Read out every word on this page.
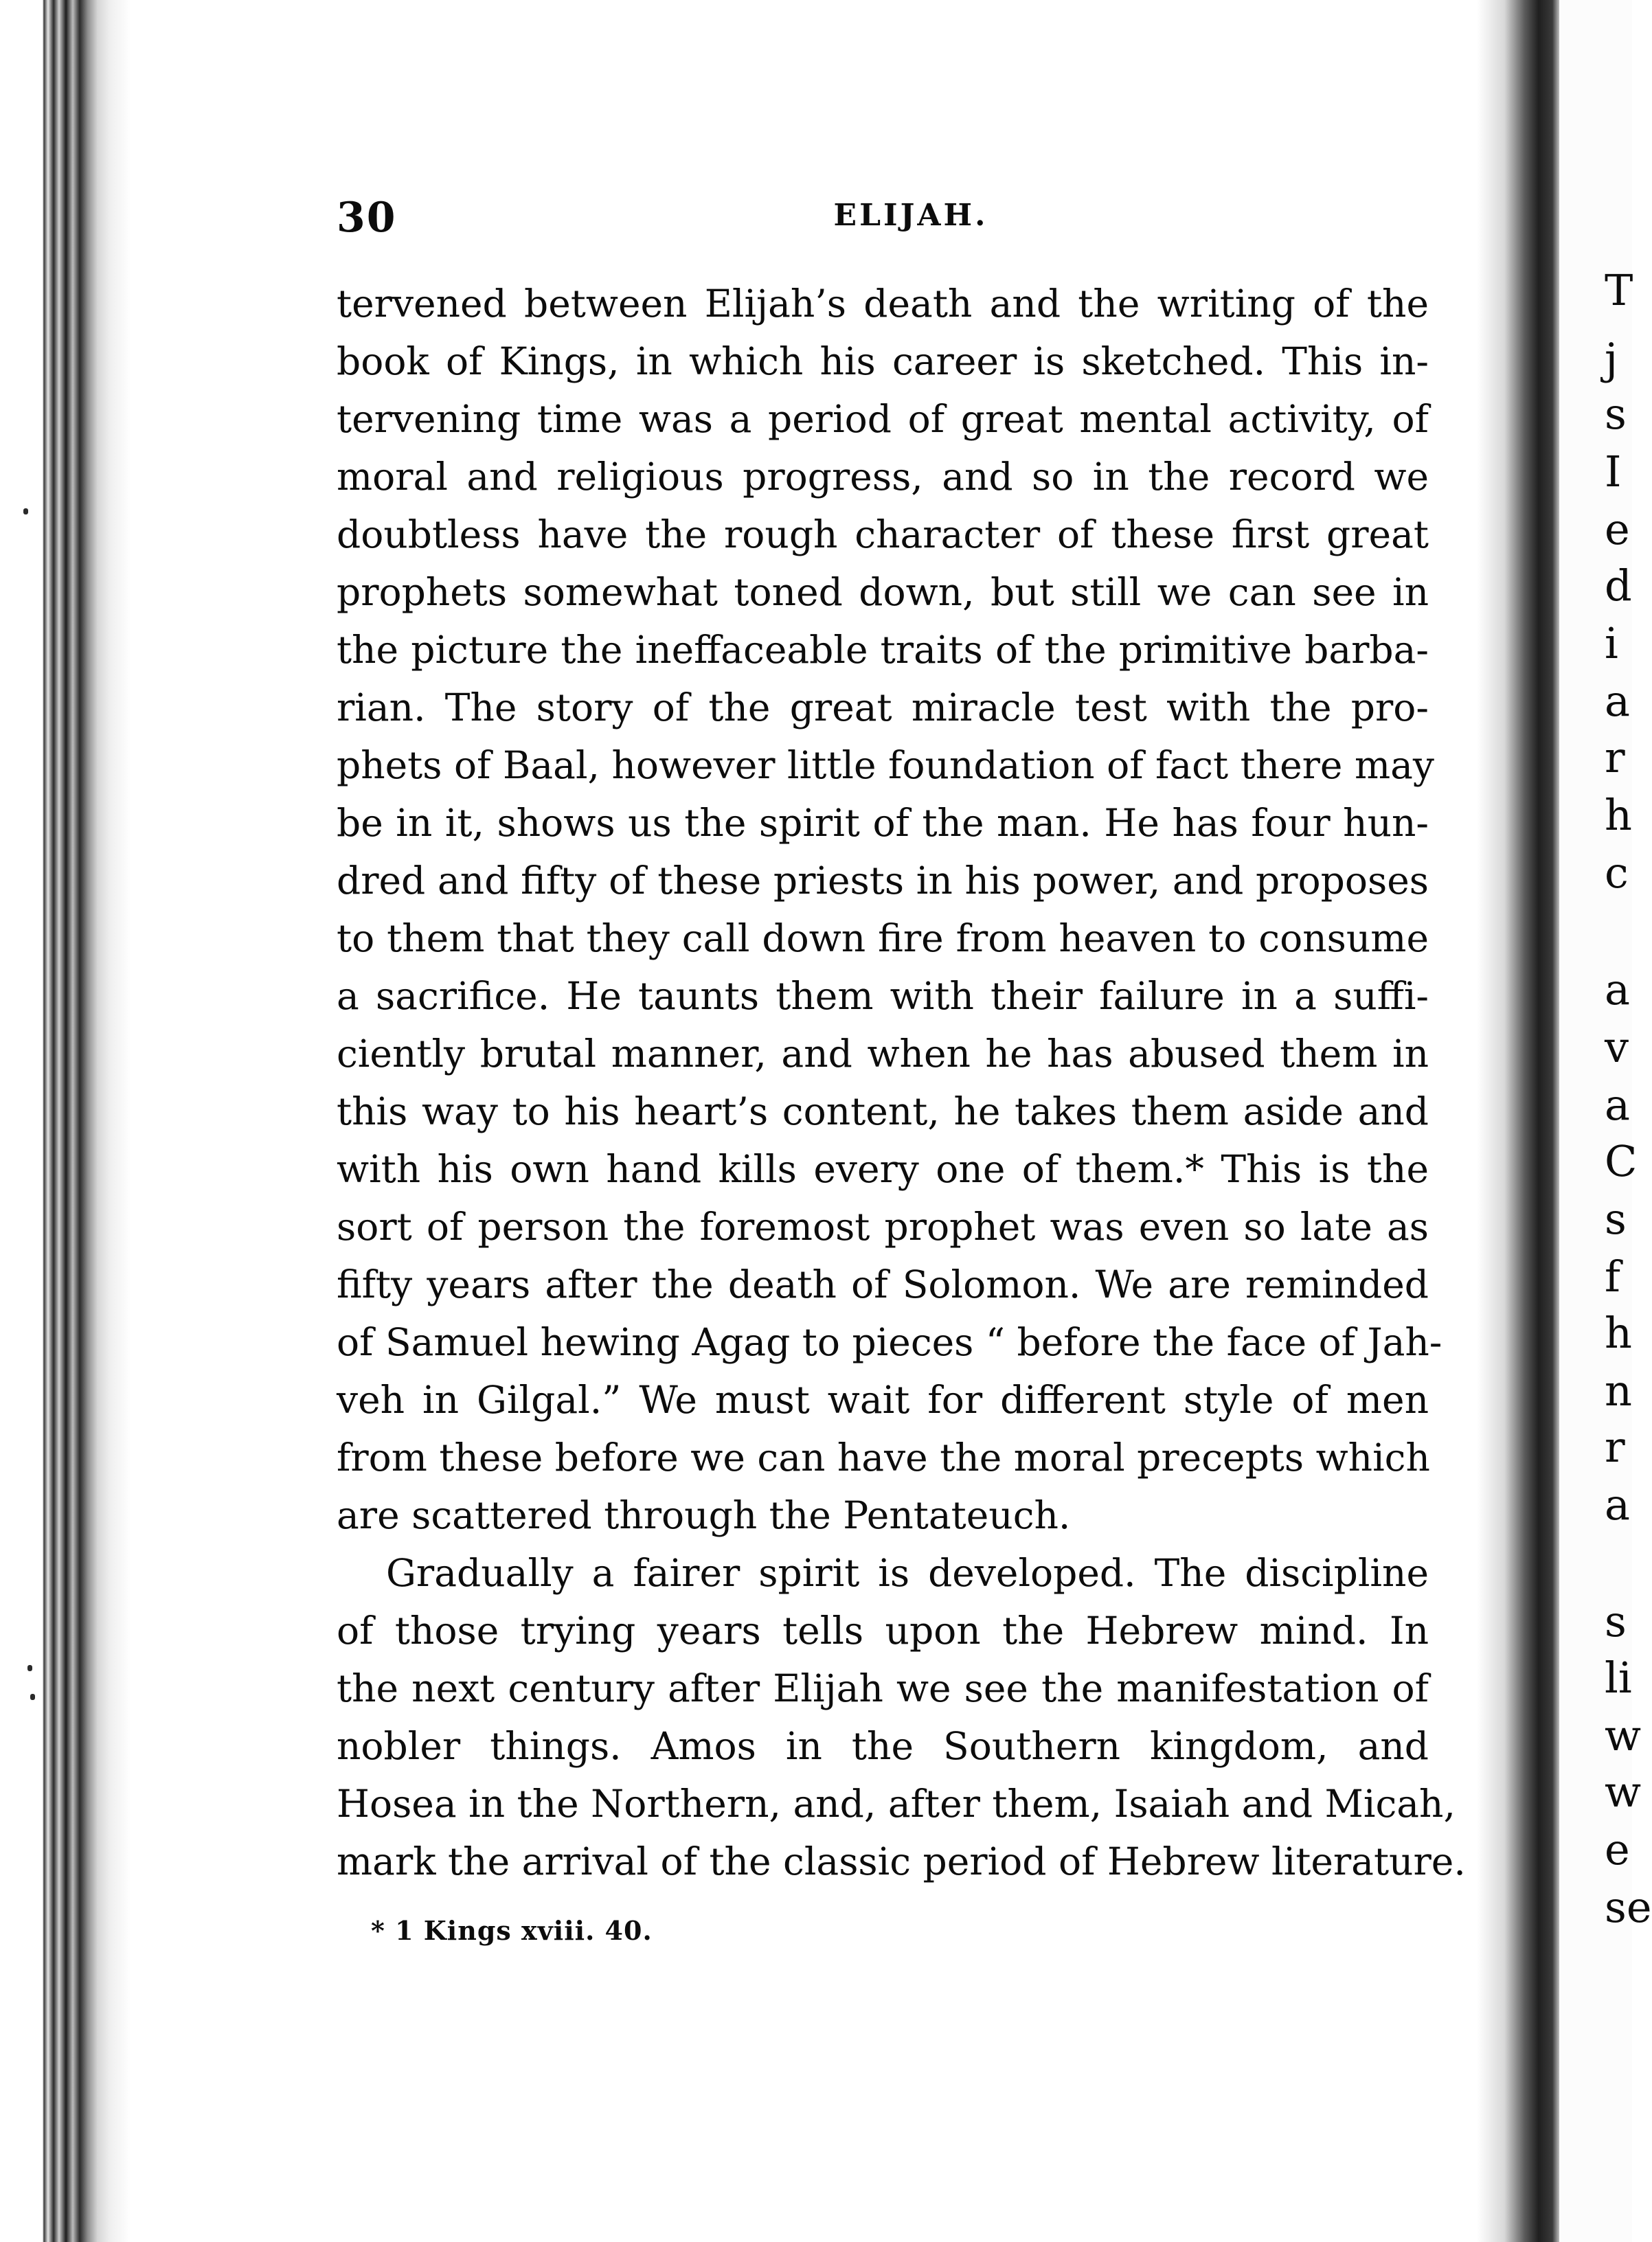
T
j
s
I
e
d
i
a
r
h
c
a
v
a
C
s
f
h
n
r
a
s
li
w
w
e
se
30	ELIJAH.
tervened between Elijah’s death and the writing of the
book of Kings, in which his career is sketched. This in-
tervening time was a period of great mental activity, of
moral and religious progress, and so in the record we
doubtless have the rough character of these first great
prophets somewhat toned down, but still we can see in
the picture the ineffaceable traits of the primitive barba-
rian. The story of the great miracle test with the pro-
phets of Baal, however little foundation of fact there may
be in it, shows us the spirit of the man. He has four hun-
dred and fifty of these priests in his power, and proposes
to them that they call down fire from heaven to consume
a sacrifice. He taunts them with their failure in a suffi-
ciently brutal manner, and when he has abused them in
this way to his heart’s content, he takes them aside and
with his own hand kills every one of them.* This is the
sort of person the foremost prophet was even so late as
fifty years after the death of Solomon. We are reminded
of Samuel hewing Agag to pieces “ before the face of Jah-
veh in Gilgal.” We must wait for different style of men
from these before we can have the moral precepts which
are scattered through the Pentateuch.
Gradually a fairer spirit is developed. The discipline
of those trying years tells upon the Hebrew mind. In
the next century after Elijah we see the manifestation of
nobler things. Amos in the Southern kingdom, and
Hosea in the Northern, and, after them, Isaiah and Micah,
mark the arrival of the classic period of Hebrew literature.
* 1 Kings xviii. 40.
